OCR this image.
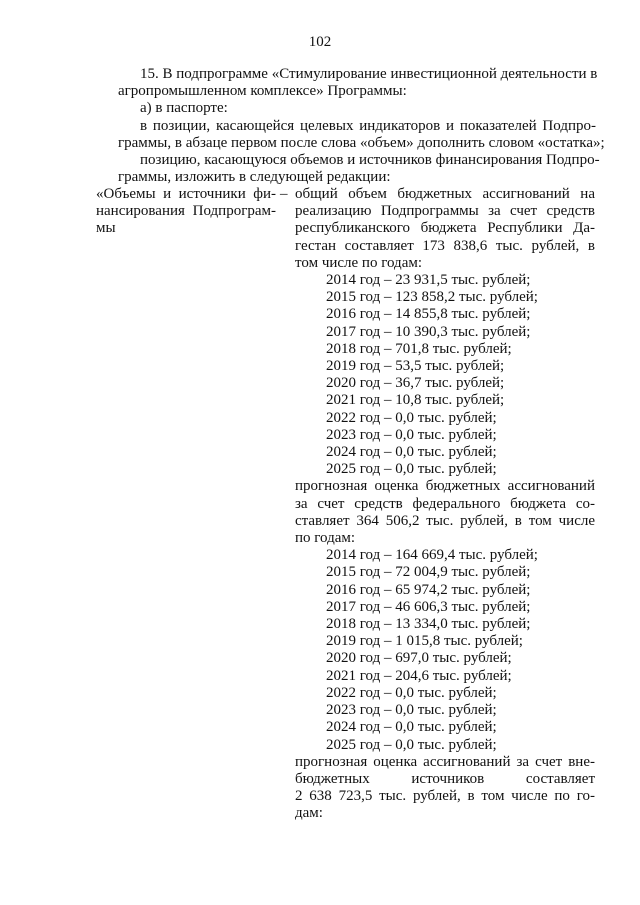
102

15. В подпрограмме «Стимулирование инвестиционной деятельности в
агропромышленном комплексе» Программы:

а) в паспорте:

в позиции, касающейся целевых индикаторов и показателей Подпро-
граммы, в абзаце первом после слова «объем» дополнить словом «остатка»;

позицию, касающуюся объемов и источников финансирования Подпро-
граммы, изложить в следующей редакции:

«Объемы и источники фи-
нансирования Подпрограм-
мы
– общий объем бюджетных ассигнований на
реализацию Подпрограммы за счет средств
республиканского бюджета Республики Да-
гестан составляет 173 838,6 тыс. рублей, в
том числе по годам:
2014 год – 23 931,5 тыс. рублей;
2015 год – 123 858,2 тыс. рублей;
2016 год – 14 855,8 тыс. рублей;
2017 год – 10 390,3 тыс. рублей;
2018 год – 701,8 тыс. рублей;
2019 год – 53,5 тыс. рублей;
2020 год – 36,7 тыс. рублей;
2021 год – 10,8 тыс. рублей;
2022 год – 0,0 тыс. рублей;
2023 год – 0,0 тыс. рублей;
2024 год – 0,0 тыс. рублей;
2025 год – 0,0 тыс. рублей;
прогнозная оценка бюджетных ассигнований
за счет средств федерального бюджета со-
ставляет 364 506,2 тыс. рублей, в том числе
по годам:
2014 год – 164 669,4 тыс. рублей;
2015 год – 72 004,9 тыс. рублей;
2016 год – 65 974,2 тыс. рублей;
2017 год – 46 606,3 тыс. рублей;
2018 год – 13 334,0 тыс. рублей;
2019 год – 1 015,8 тыс. рублей;
2020 год – 697,0 тыс. рублей;
2021 год – 204,6 тыс. рублей;
2022 год – 0,0 тыс. рублей;
2023 год – 0,0 тыс. рублей;
2024 год – 0,0 тыс. рублей;
2025 год – 0,0 тыс. рублей;
прогнозная оценка ассигнований за счет вне-
бюджетных источников составляет
2 638 723,5 тыс. рублей, в том числе по го-
дам:
